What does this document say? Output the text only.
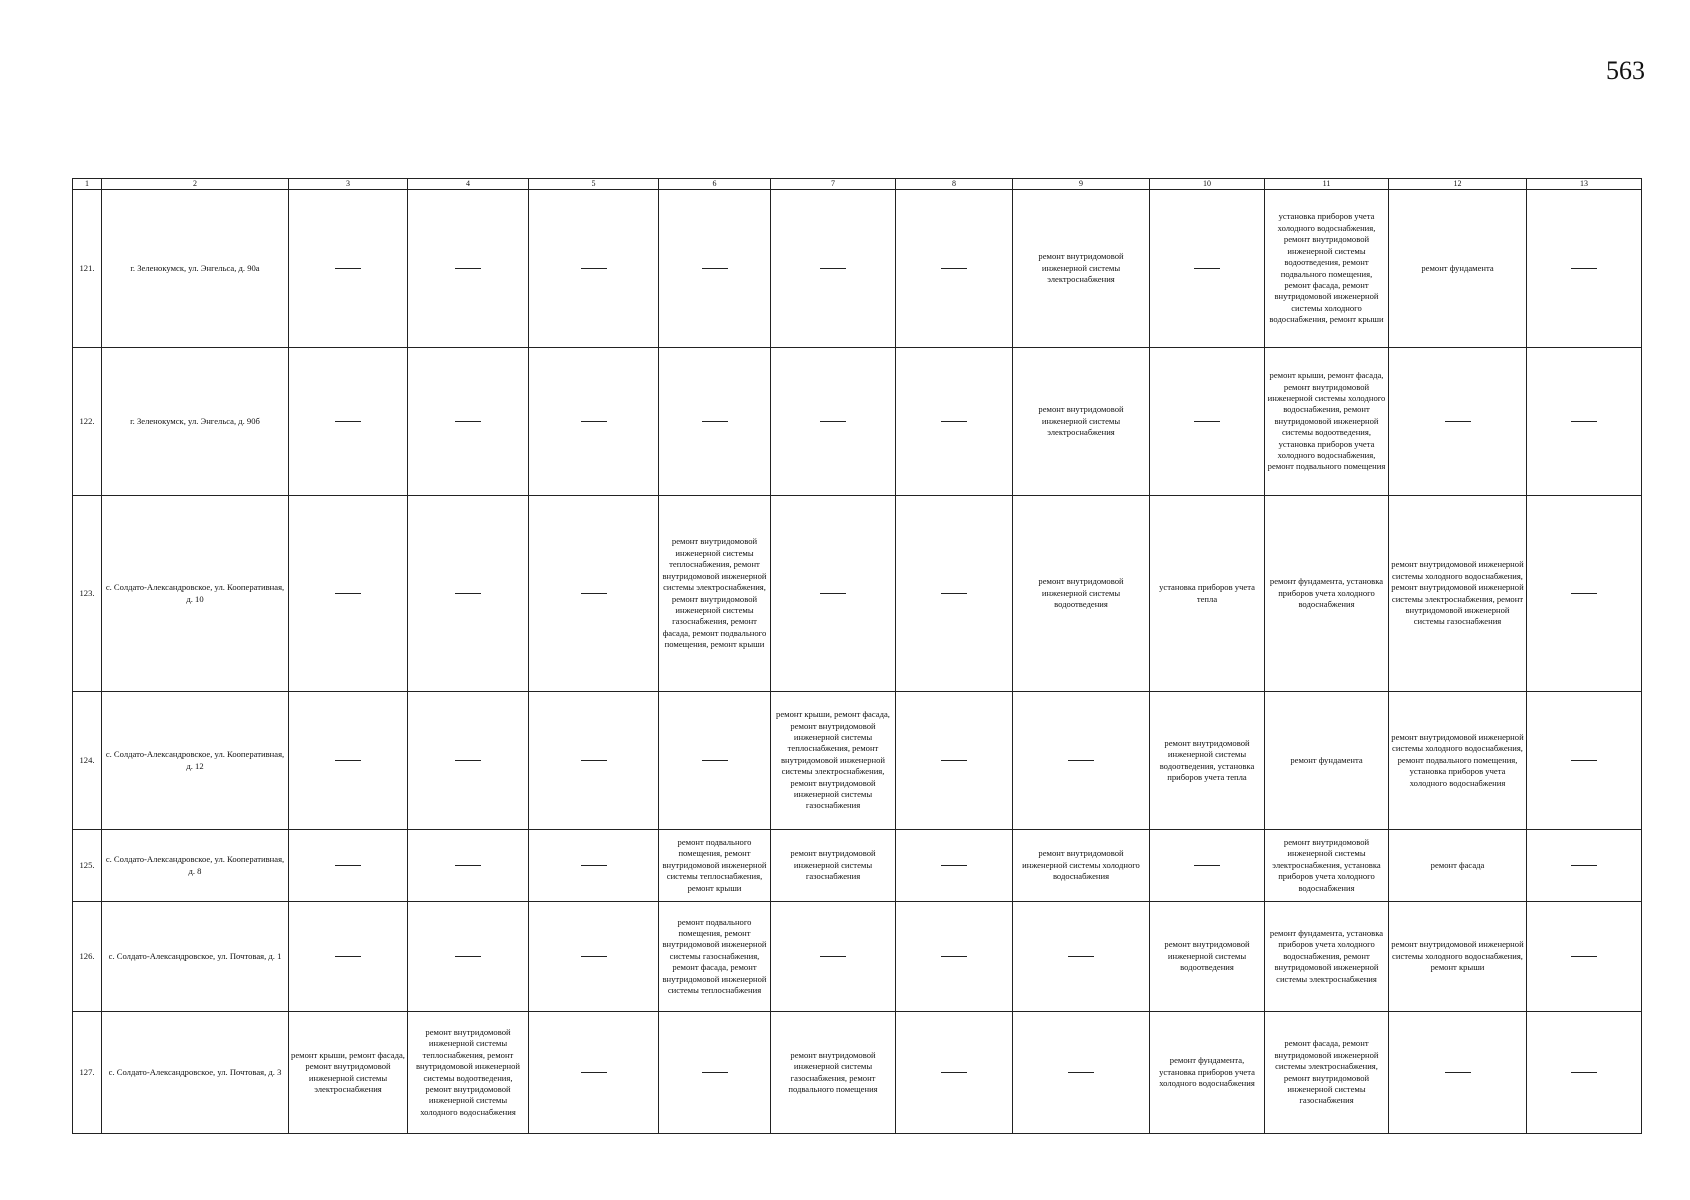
563
1	2	3	4	5	6	7	8	9	10	11	12	13
121.	г. Зеленокумск, ул. Энгельса, д. 90а							ремонт внутридомовой инженерной системы электроснабжения		установка приборов учета холодного водоснабжения, ремонт внутридомовой инженерной системы водоотведения, ремонт подвального помещения, ремонт фасада, ремонт внутридомовой инженерной системы холодного водоснабжения, ремонт крыши	ремонт фундамента	
122.	г. Зеленокумск, ул. Энгельса, д. 90б							ремонт внутридомовой инженерной системы электроснабжения		ремонт крыши, ремонт фасада, ремонт внутридомовой инженерной системы холодного водоснабжения, ремонт внутридомовой инженерной системы водоотведения, установка приборов учета холодного водоснабжения, ремонт подвального помещения		
123.	с. Солдато-Александровское, ул. Кооперативная, д. 10				ремонт внутридомовой инженерной системы теплоснабжения, ремонт внутридомовой инженерной системы электроснабжения, ремонт внутридомовой инженерной системы газоснабжения, ремонт фасада, ремонт подвального помещения, ремонт крыши			ремонт внутридомовой инженерной системы водоотведения	установка приборов учета тепла	ремонт фундамента, установка приборов учета холодного водоснабжения	ремонт внутридомовой инженерной системы холодного водоснабжения, ремонт внутридомовой инженерной системы электроснабжения, ремонт внутридомовой инженерной системы газоснабжения	
124.	с. Солдато-Александровское, ул. Кооперативная, д. 12					ремонт крыши, ремонт фасада, ремонт внутридомовой инженерной системы теплоснабжения, ремонт внутридомовой инженерной системы электроснабжения, ремонт внутридомовой инженерной системы газоснабжения			ремонт внутридомовой инженерной системы водоотведения, установка приборов учета тепла	ремонт фундамента	ремонт внутридомовой инженерной системы холодного водоснабжения, ремонт подвального помещения, установка приборов учета холодного водоснабжения	
125.	с. Солдато-Александровское, ул. Кооперативная, д. 8				ремонт подвального помещения, ремонт внутридомовой инженерной системы теплоснабжения, ремонт крыши	ремонт внутридомовой инженерной системы газоснабжения		ремонт внутридомовой инженерной системы холодного водоснабжения		ремонт внутридомовой инженерной системы электроснабжения, установка приборов учета холодного водоснабжения	ремонт фасада	
126.	с. Солдато-Александровское, ул. Почтовая, д. 1				ремонт подвального помещения, ремонт внутридомовой инженерной системы газоснабжения, ремонт фасада, ремонт внутридомовой инженерной системы теплоснабжения				ремонт внутридомовой инженерной системы водоотведения	ремонт фундамента, установка приборов учета холодного водоснабжения, ремонт внутридомовой инженерной системы электроснабжения	ремонт внутридомовой инженерной системы холодного водоснабжения, ремонт крыши	
127.	с. Солдато-Александровское, ул. Почтовая, д. 3	ремонт крыши, ремонт фасада, ремонт внутридомовой инженерной системы электроснабжения	ремонт внутридомовой инженерной системы теплоснабжения, ремонт внутридомовой инженерной системы водоотведения, ремонт внутридомовой инженерной системы холодного водоснабжения			ремонт внутридомовой инженерной системы газоснабжения, ремонт подвального помещения			ремонт фундамента, установка приборов учета холодного водоснабжения	ремонт фасада, ремонт внутридомовой инженерной системы электроснабжения, ремонт внутридомовой инженерной системы газоснабжения		
